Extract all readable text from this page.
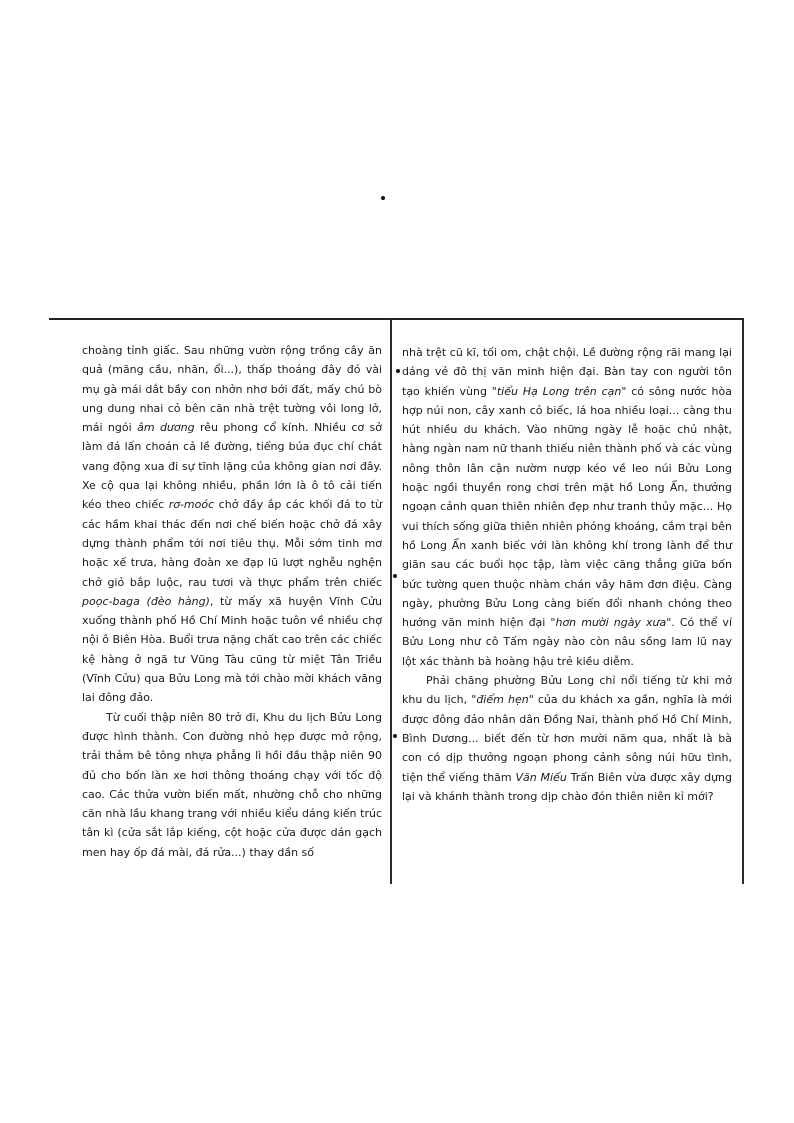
choàng tỉnh giấc. Sau những vườn rộng trồng cây ăn quả (mãng cầu, nhãn, ổi...), thấp thoáng đây đó vài mụ gà mái dắt bầy con nhởn nhơ bới đất, mấy chú bò ung dung nhai cỏ bên căn nhà trệt tường vôi long lở, mái ngói âm dương rêu phong cổ kính. Nhiều cơ sở làm đá lấn choán cả lề đường, tiếng búa đục chí chát vang động xua đi sự tĩnh lặng của không gian nơi đây. Xe cộ qua lại không nhiều, phần lớn là ô tô cải tiến kéo theo chiếc rơ-moóc chở đầy ắp các khối đá to từ các hầm khai thác đến nơi chế biến hoặc chở đá xây dựng thành phẩm tới nơi tiêu thụ. Mỗi sớm tinh mơ hoặc xế trưa, hàng đoàn xe đạp lũ lượt nghễu nghện chở giỏ bắp luộc, rau tươi và thực phẩm trên chiếc poọc-baga (đèo hàng), từ mấy xã huyện Vĩnh Cửu xuống thành phố Hồ Chí Minh hoặc tuôn về nhiều chợ nội ô Biên Hòa. Buổi trưa nặng chất cao trên các chiếc kệ hàng ở ngã tư Vũng Tàu cũng từ miệt Tân Triều (Vĩnh Cửu) qua Bửu Long mà tới chào mời khách vãng lai đông đảo.

Từ cuối thập niên 80 trở đi, Khu du lịch Bửu Long được hình thành. Con đường nhỏ hẹp được mở rộng, trải thảm bê tông nhựa phẳng lì hồi đầu thập niên 90 đủ cho bốn làn xe hơi thông thoáng chạy với tốc độ cao. Các thửa vườn biến mất, nhường chỗ cho những căn nhà lầu khang trang với nhiều kiểu dáng kiến trúc tân kì (cửa sắt lắp kiếng, cột hoặc cửa được dán gạch men hay ốp đá mài, đá rửa...) thay dần số

nhà trệt cũ kĩ, tối om, chật chội. Lề đường rộng rãi mang lại dáng vẻ đô thị văn minh hiện đại. Bàn tay con người tôn tạo khiến vùng "tiểu Hạ Long trên cạn" có sông nước hòa hợp núi non, cây xanh cỏ biếc, lá hoa nhiều loại... càng thu hút nhiều du khách. Vào những ngày lễ hoặc chủ nhật, hàng ngàn nam nữ thanh thiếu niên thành phố và các vùng nông thôn lân cận nườm nượp kéo về leo núi Bửu Long hoặc ngồi thuyền rong chơi trên mặt hồ Long Ẩn, thưởng ngoạn cảnh quan thiên nhiên đẹp như tranh thủy mặc... Họ vui thích sống giữa thiên nhiên phóng khoáng, cắm trại bên hồ Long Ẩn xanh biếc với làn không khí trong lành để thư giãn sau các buổi học tập, làm việc căng thẳng giữa bốn bức tường quen thuộc nhàm chán vây hãm đơn điệu. Càng ngày, phường Bửu Long càng biến đổi nhanh chóng theo hướng văn minh hiện đại "hơn mười ngày xưa". Có thể ví Bửu Long như cô Tấm ngày nào còn nâu sồng lam lũ nay lột xác thành bà hoàng hậu trẻ kiều diễm.

Phải chăng phường Bửu Long chỉ nổi tiếng từ khi mở khu du lịch, "điểm hẹn" của du khách xa gần, nghĩa là mới được đông đảo nhân dân Đồng Nai, thành phố Hồ Chí Minh, Bình Dương... biết đến từ hơn mười năm qua, nhất là bà con có dịp thưởng ngoạn phong cảnh sông núi hữu tình, tiện thể viếng thăm Văn Miếu Trấn Biên vừa được xây dựng lại và khánh thành trong dịp chào đón thiên niên kỉ mới?
